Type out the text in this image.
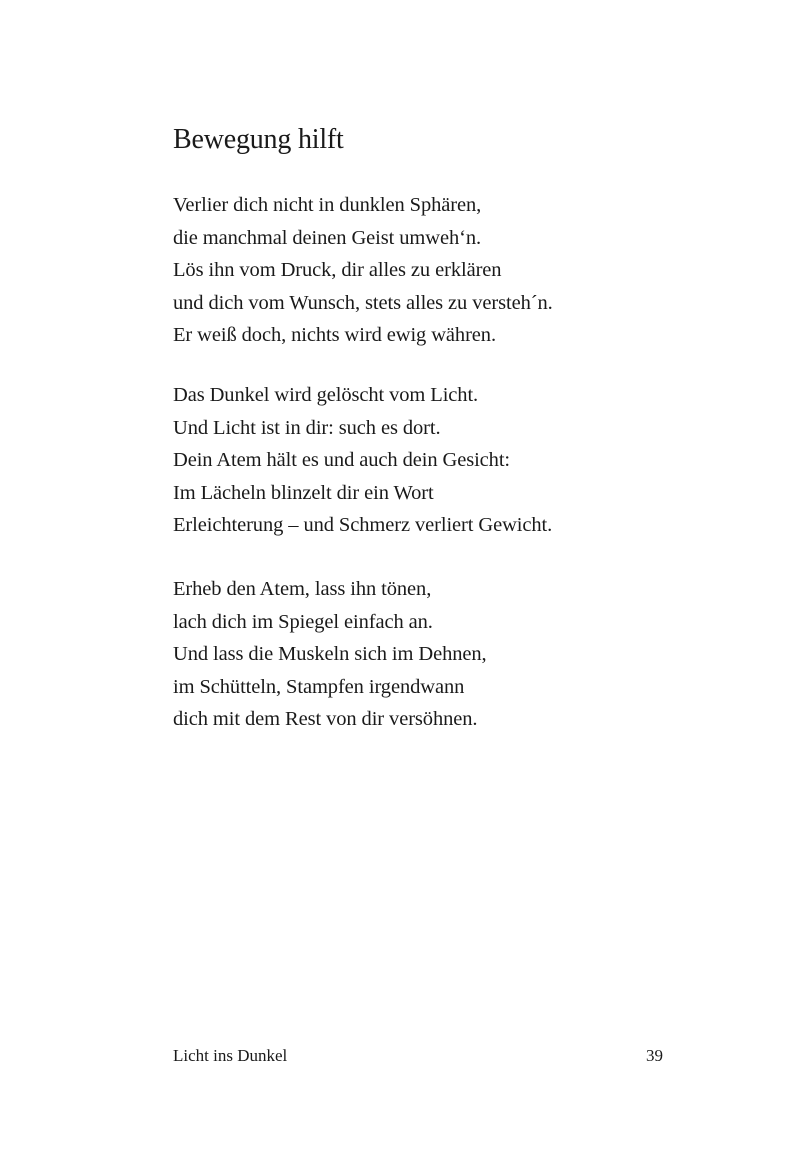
Bewegung hilft
Verlier dich nicht in dunklen Sphären,
die manchmal deinen Geist umweh‘n.
Lös ihn vom Druck, dir alles zu erklären
und dich vom Wunsch, stets alles zu versteh´n.
Er weiß doch, nichts wird ewig währen.
Das Dunkel wird gelöscht vom Licht.
Und Licht ist in dir: such es dort.
Dein Atem hält es und auch dein Gesicht:
Im Lächeln blinzelt dir ein Wort
Erleichterung – und Schmerz verliert Gewicht.
Erheb den Atem, lass ihn tönen,
lach dich im Spiegel einfach an.
Und lass die Muskeln sich im Dehnen,
im Schütteln, Stampfen irgendwann
dich mit dem Rest von dir versöhnen.
Licht ins Dunkel	39
